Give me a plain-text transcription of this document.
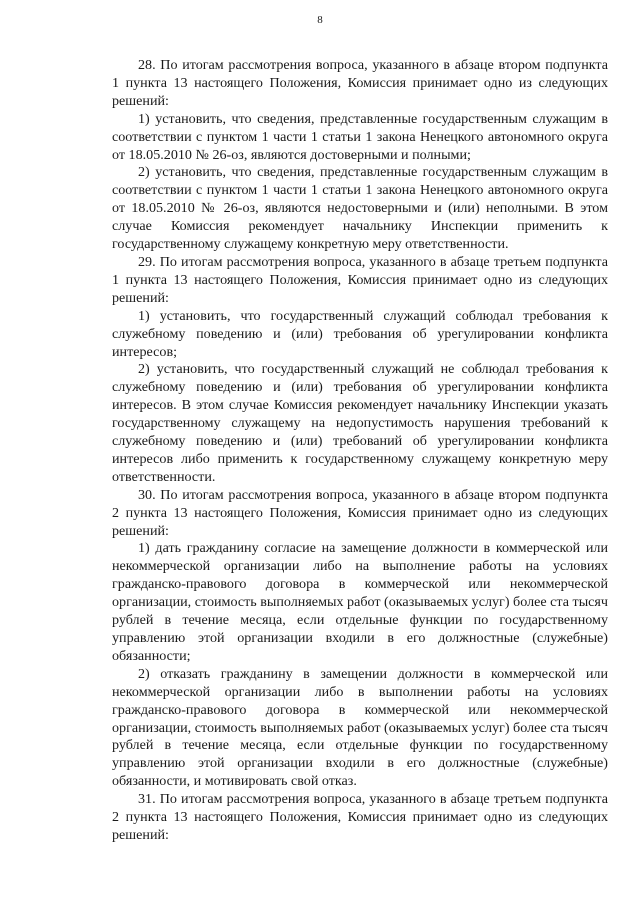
8

28. По итогам рассмотрения вопроса, указанного в абзаце втором подпункта 1 пункта 13 настоящего Положения, Комиссия принимает одно из следующих решений:

1) установить, что сведения, представленные государственным служащим в соответствии с пунктом 1 части 1 статьи 1 закона Ненецкого автономного округа от 18.05.2010 № 26-оз, являются достоверными и полными;

2) установить, что сведения, представленные государственным служащим в соответствии с пунктом 1 части 1 статьи 1 закона Ненецкого автономного округа от 18.05.2010 № 26-оз, являются недостоверными и (или) неполными. В этом случае Комиссия рекомендует начальнику Инспекции применить к государственному служащему конкретную меру ответственности.

29. По итогам рассмотрения вопроса, указанного в абзаце третьем подпункта 1 пункта 13 настоящего Положения, Комиссия принимает одно из следующих решений:

1) установить, что государственный служащий соблюдал требования к служебному поведению и (или) требования об урегулировании конфликта интересов;

2) установить, что государственный служащий не соблюдал требования к служебному поведению и (или) требования об урегулировании конфликта интересов. В этом случае Комиссия рекомендует начальнику Инспекции указать государственному служащему на недопустимость нарушения требований к служебному поведению и (или) требований об урегулировании конфликта интересов либо применить к государственному служащему конкретную меру ответственности.

30. По итогам рассмотрения вопроса, указанного в абзаце втором подпункта 2 пункта 13 настоящего Положения, Комиссия принимает одно из следующих решений:

1) дать гражданину согласие на замещение должности в коммерческой или некоммерческой организации либо на выполнение работы на условиях гражданско-правового договора в коммерческой или некоммерческой организации, стоимость выполняемых работ (оказываемых услуг) более ста тысяч рублей в течение месяца, если отдельные функции по государственному управлению этой организации входили в его должностные (служебные) обязанности;

2) отказать гражданину в замещении должности в коммерческой или некоммерческой организации либо в выполнении работы на условиях гражданско-правового договора в коммерческой или некоммерческой организации, стоимость выполняемых работ (оказываемых услуг) более ста тысяч рублей в течение месяца, если отдельные функции по государственному управлению этой организации входили в его должностные (служебные) обязанности, и мотивировать свой отказ.

31. По итогам рассмотрения вопроса, указанного в абзаце третьем подпункта 2 пункта 13 настоящего Положения, Комиссия принимает одно из следующих решений:
